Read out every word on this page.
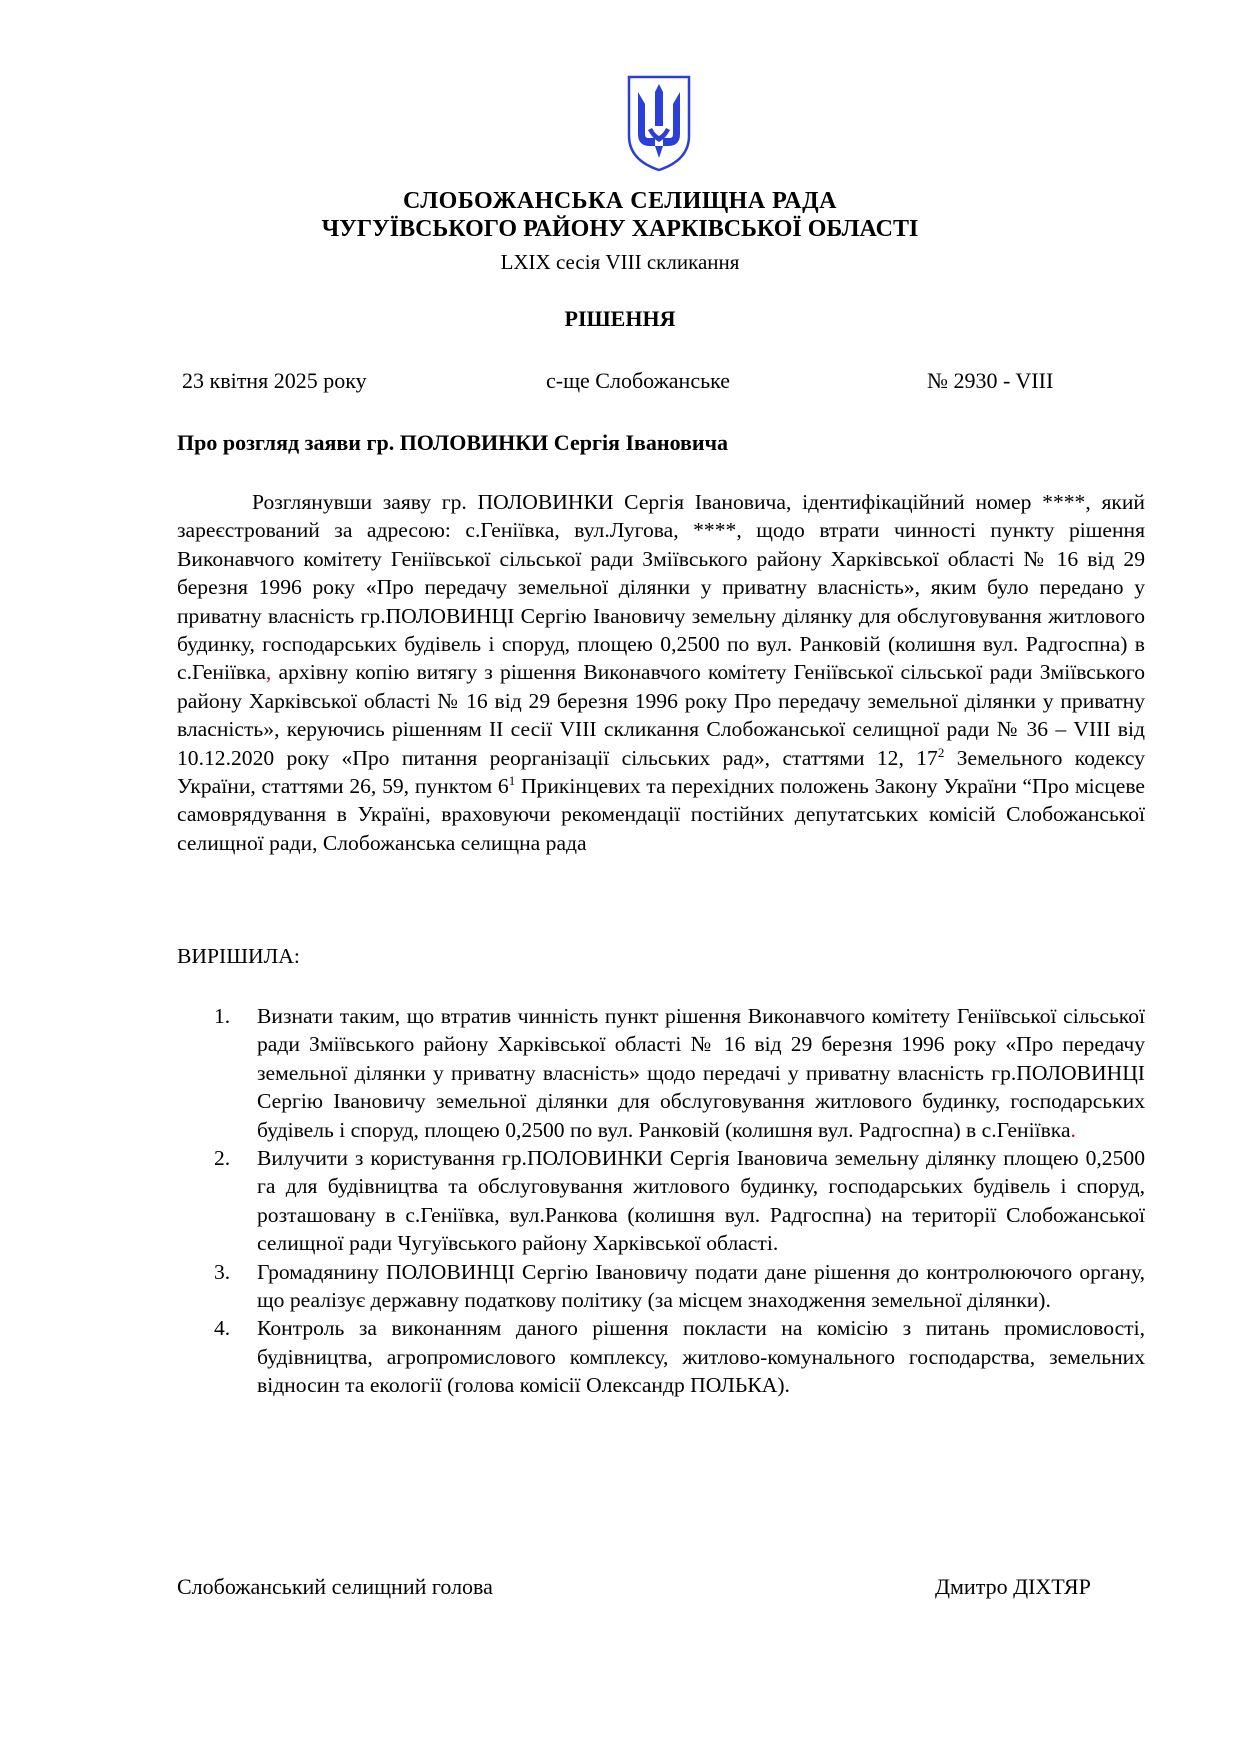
СЛОБОЖАНСЬКА СЕЛИЩНА РАДА
ЧУГУЇВСЬКОГО РАЙОНУ ХАРКІВСЬКОЇ ОБЛАСТІ
LXIX сесія VIII скликання
РІШЕННЯ
23 квітня 2025 року	с-ще Слобожанське	№ 2930 - VIII
Про розгляд заяви гр. ПОЛОВИНКИ Сергія Івановича

Розглянувши заяву гр. ПОЛОВИНКИ Сергія Івановича, ідентифікаційний номер ****, який зареєстрований за адресою: с.Геніївка, вул.Лугова, ****, щодо втрати чинності пункту рішення Виконавчого комітету Геніївської сільської ради Зміївського району Харківської області № 16 від 29 березня 1996 року «Про передачу земельної ділянки у приватну власність», яким було передано у приватну власність гр.ПОЛОВИНЦІ Сергію Івановичу земельну ділянку для обслуговування житлового будинку, господарських будівель і споруд, площею 0,2500 по вул. Ранковій (колишня вул. Радгоспна) в с.Геніївка, архівну копію витягу з рішення Виконавчого комітету Геніївської сільської ради Зміївського району Харківської області № 16 від 29 березня 1996 року Про передачу земельної ділянки у приватну власність», керуючись рішенням ІІ сесії VIII скликання Слобожанської селищної ради № 36 – VIII від 10.12.2020 року «Про питання реорганізації сільських рад», статтями 12, $17^2$ Земельного кодексу України, статтями 26, 59, пунктом $6^1$ Прикінцевих та перехідних положень Закону України “Про місцеве самоврядування в Україні, враховуючи рекомендації постійних депутатських комісій Слобожанської селищної ради, Слобожанська селищна рада

ВИРІШИЛА:
1. Визнати таким, що втратив чинність пункт рішення Виконавчого комітету Геніївської сільської ради Зміївського району Харківської області № 16 від 29 березня 1996 року «Про передачу земельної ділянки у приватну власність» щодо передачі у приватну власність гр.ПОЛОВИНЦІ Сергію Івановичу земельної ділянки для обслуговування житлового будинку, господарських будівель і споруд, площею 0,2500 по вул. Ранковій (колишня вул. Радгоспна) в с.Геніївка.
2. Вилучити з користування гр.ПОЛОВИНКИ Сергія Івановича земельну ділянку площею 0,2500 га для будівництва та обслуговування житлового будинку, господарських будівель і споруд, розташовану в с.Геніївка, вул.Ранкова (колишня вул. Радгоспна) на території Слобожанської селищної ради Чугуївського району Харківської області.
3. Громадянину ПОЛОВИНЦІ Сергію Івановичу подати дане рішення до контролюючого органу, що реалізує державну податкову політику (за місцем знаходження земельної ділянки).
4. Контроль за виконанням даного рішення покласти на комісію з питань промисловості, будівництва, агропромислового комплексу, житлово-комунального господарства, земельних відносин та екології (голова комісії Олександр ПОЛЬКА).
Слобожанський селищний голова	Дмитро ДІХТЯР
